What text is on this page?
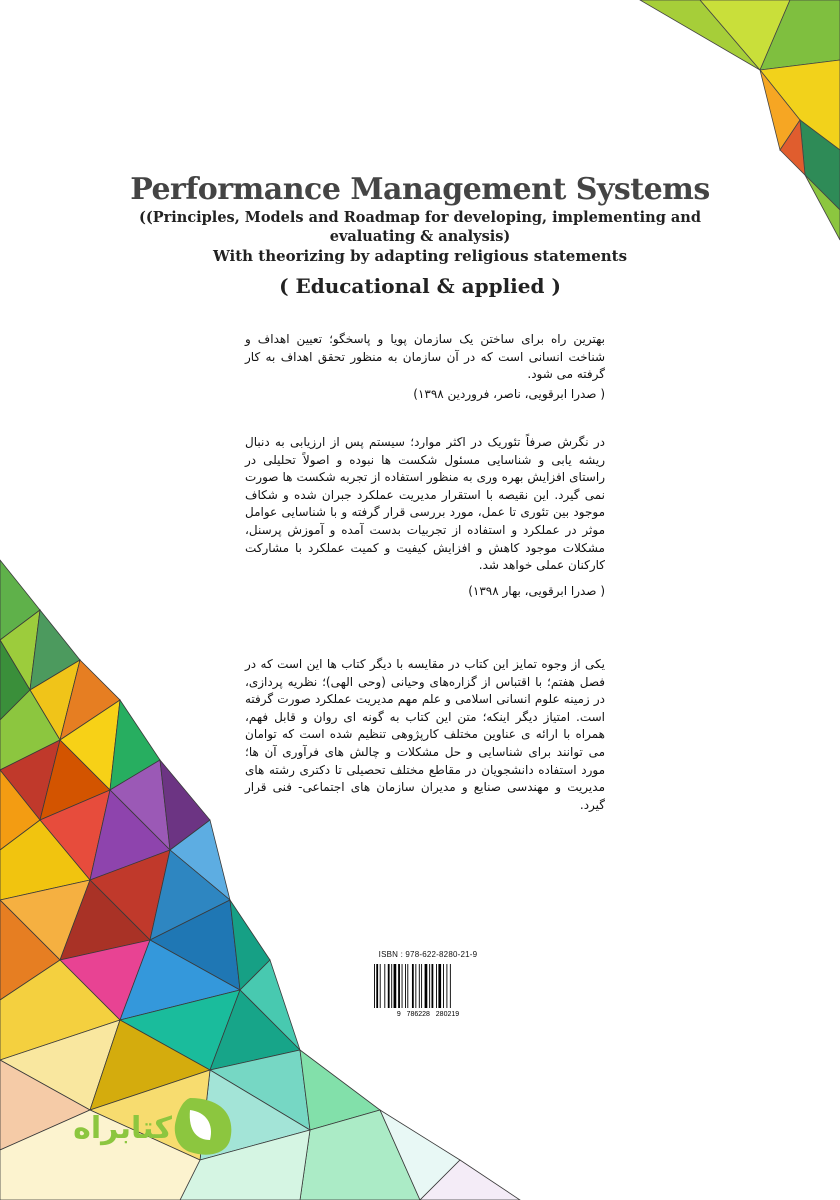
Performance Management Systems
((Principles, Models and Roadmap for developing, implementing and evaluating & analysis)
With theorizing by adapting religious statements
( Educational & applied )

بهترین راه برای ساختن یک سازمان پویا و پاسخگو؛ تعیین اهداف و شناخت انسانی است که در آن سازمان به منظور تحقق اهداف به کار گرفته می شود.

( صدرا ابرقویی، ناصر، فروردین ۱۳۹۸)

در نگرش صرفاً تئوریک در اکثر موارد؛ سیستم پس از ارزیابی به دنبال ریشه یابی و شناسایی مسئول شکست ها نبوده و اصولاً تحلیلی در راستای افزایش بهره وری به منظور استفاده از تجربه شکست ها صورت نمی گیرد. این نقیصه با استقرار مدیریت عملکرد جبران شده و شکاف موجود بین تئوری تا عمل، مورد بررسی قرار گرفته و با شناسایی عوامل موثر در عملکرد و استفاده از تجربیات بدست آمده و آموزش پرسنل، مشکلات موجود کاهش و افزایش کیفیت و کمیت عملکرد با مشارکت کارکنان عملی خواهد شد.

( صدرا ابرقویی، بهار ۱۳۹۸)

یکی از وجوه تمایز این کتاب در مقایسه با دیگر کتاب ها این است که در فصل هفتم؛ با اقتباس از گزاره‌های وحیانی (وحی الهی)؛ نظریه پردازی، در زمینه علوم انسانی اسلامی و علم مهم مدیریت عملکرد صورت گرفته است. امتیاز دیگر اینکه؛ متن این کتاب به گونه ای روان و قابل فهم، همراه با ارائه ی عناوین مختلف کارپژوهی تنظیم شده است که توامان می توانند برای شناسایی و حل مشکلات و چالش های فرآوری آن ها؛ مورد استفاده دانشجویان در مقاطع مختلف تحصیلی تا دکتری رشته های مدیریت و مهندسی صنایع و مدیران سازمان های اجتماعی- فنی قرار گیرد.

ISBN : 978-622-8280-21-9
9   786228   280219
کتابراه
